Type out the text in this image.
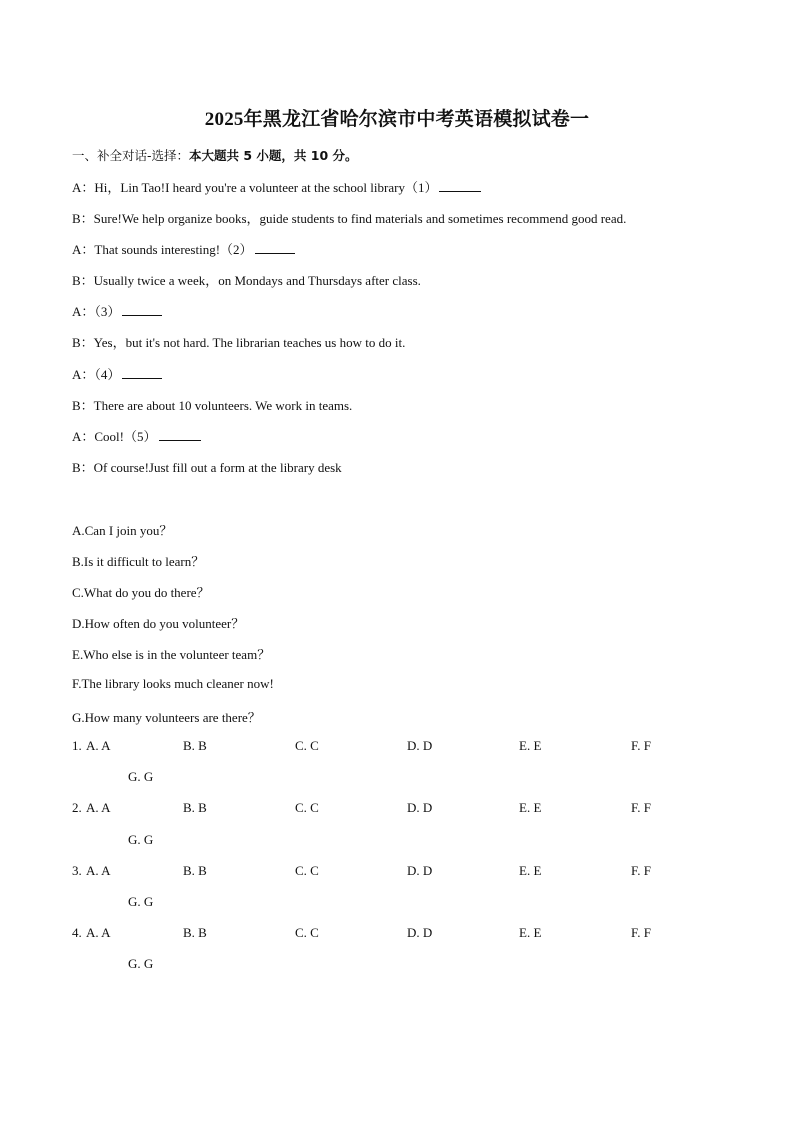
2025年黑龙江省哈尔滨市中考英语模拟试卷一
一、补全对话-选择：本大题共 5 小题，共 10 分。
A：Hi，Lin Tao!I heard you're a volunteer at the school library（1）
B：Sure!We help organize books，guide students to find materials and sometimes recommend good read.
A：That sounds interesting!（2）
B：Usually twice a week，on Mondays and Thursdays after class.
A：（3）
B：Yes，but it's not hard. The librarian teaches us how to do it.
A：（4）
B：There are about 10 volunteers. We work in teams.
A：Cool!（5）
B：Of course!Just fill out a form at the library desk
A.Can I join you？
B.Is it difficult to learn？
C.What do you do there？
D.How often do you volunteer？
E.Who else is in the volunteer team？
F.The library looks much cleaner now!
G.How many volunteers are there？
1. A. A	B. B	C. C	D. D	E. E	F. F
G. G
2. A. A	B. B	C. C	D. D	E. E	F. F
G. G
3. A. A	B. B	C. C	D. D	E. E	F. F
G. G
4. A. A	B. B	C. C	D. D	E. E	F. F
G. G
